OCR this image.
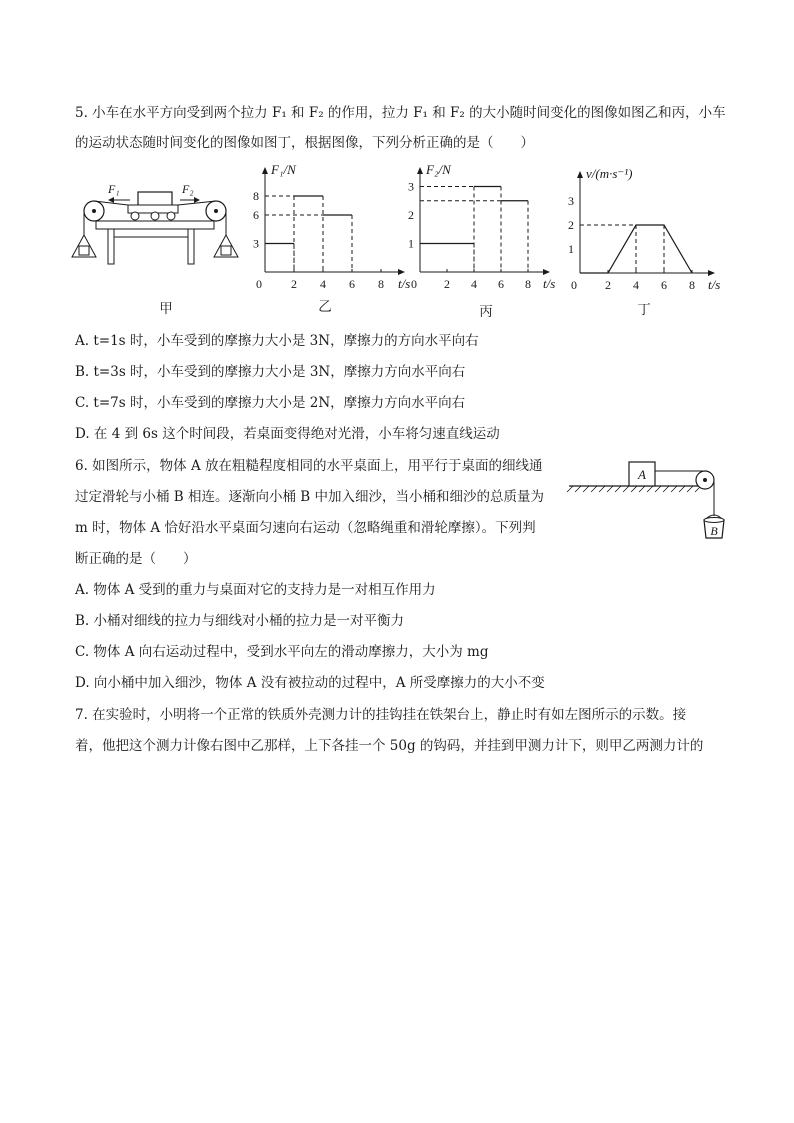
5. 小车在水平方向受到两个拉力 F₁ 和 F₂ 的作用，拉力 F₁ 和 F₂ 的大小随时间变化的图像如图乙和丙，小车
的运动状态随时间变化的图像如图丁，根据图像，下列分析正确的是（　　）
F₁	F₂
甲
F₁/N
t/s
0 2 4 6 8
3
6
8
乙
F₂/N
t/s
0 2 4 6 8
1
2
3
丙
v/(m·s⁻¹)
t/s
0 2 4 6 8
1
2
3
丁
A. t=1s 时，小车受到的摩擦力大小是 3N，摩擦力的方向水平向右
B. t=3s 时，小车受到的摩擦力大小是 3N，摩擦力方向水平向右
C. t=7s 时，小车受到的摩擦力大小是 2N，摩擦力方向水平向右
D. 在 4 到 6s 这个时间段，若桌面变得绝对光滑，小车将匀速直线运动
6. 如图所示，物体 A 放在粗糙程度相同的水平桌面上，用平行于桌面的细线通
过定滑轮与小桶 B 相连。逐渐向小桶 B 中加入细沙，当小桶和细沙的总质量为
m 时，物体 A 恰好沿水平桌面匀速向右运动（忽略绳重和滑轮摩擦）。下列判
断正确的是（　　）
A
B
A. 物体 A 受到的重力与桌面对它的支持力是一对相互作用力
B. 小桶对细线的拉力与细线对小桶的拉力是一对平衡力
C. 物体 A 向右运动过程中，受到水平向左的滑动摩擦力，大小为 mg
D. 向小桶中加入细沙，物体 A 没有被拉动的过程中，A 所受摩擦力的大小不变
7. 在实验时，小明将一个正常的铁质外壳测力计的挂钩挂在铁架台上，静止时有如左图所示的示数。接
着，他把这个测力计像右图中乙那样，上下各挂一个 50g 的钩码，并挂到甲测力计下，则甲乙两测力计的
